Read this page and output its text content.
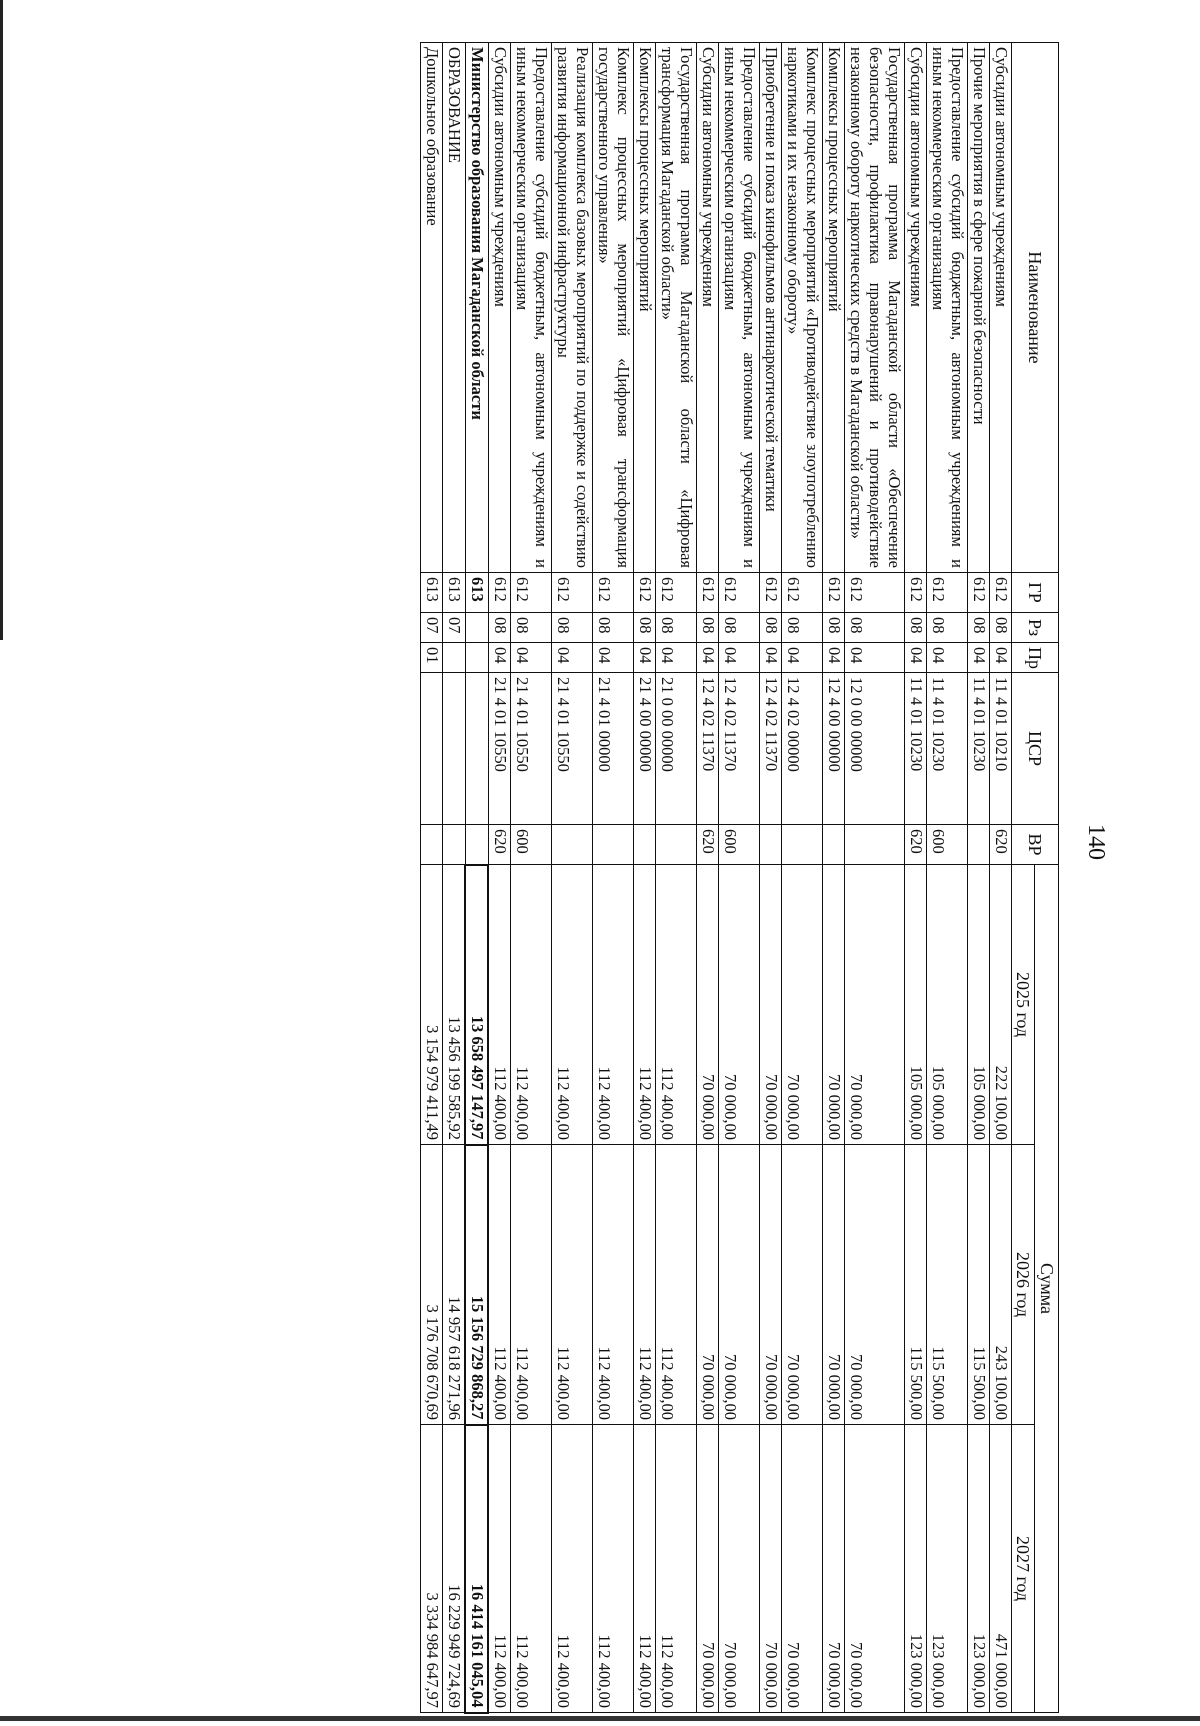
140
Наименование	ГР	Рз	Пр	ЦСР	ВР	Сумма		
						2025 год	2026 год	2027 год
Субсидии автономным учреждениям	612	08	04	11 4 01 10210	620	222 100,00	243 100,00	471 000,00
Прочие мероприятия в сфере пожарной безопасности	612	08	04	11 4 01 10230		105 000,00	115 500,00	123 000,00
Предоставление субсидий бюджетным, автономным учреждениям и иным некоммерческим организациям	612	08	04	11 4 01 10230	600	105 000,00	115 500,00	123 000,00
Субсидии автономным учреждениям	612	08	04	11 4 01 10230	620	105 000,00	115 500,00	123 000,00
Государственная программа Магаданской области «Обеспечение безопасности, профилактика правонарушений и противодействие незаконному обороту наркотических средств в Магаданской области»	612	08	04	12 0 00 00000		70 000,00	70 000,00	70 000,00
Комплексы процессных мероприятий	612	08	04	12 4 00 00000		70 000,00	70 000,00	70 000,00
Комплекс процессных мероприятий «Противодействие злоупотреблению наркотиками и их незаконному обороту»	612	08	04	12 4 02 00000		70 000,00	70 000,00	70 000,00
Приобретение и показ кинофильмов антинаркотической тематики	612	08	04	12 4 02 11370		70 000,00	70 000,00	70 000,00
Предоставление субсидий бюджетным, автономным учреждениям и иным некоммерческим организациям	612	08	04	12 4 02 11370	600	70 000,00	70 000,00	70 000,00
Субсидии автономным учреждениям	612	08	04	12 4 02 11370	620	70 000,00	70 000,00	70 000,00
Государственная программа Магаданской области «Цифровая трансформация Магаданской области»	612	08	04	21 0 00 00000		112 400,00	112 400,00	112 400,00
Комплексы процессных мероприятий	612	08	04	21 4 00 00000		112 400,00	112 400,00	112 400,00
Комплекс процессных мероприятий «Цифровая трансформация государственного управления»	612	08	04	21 4 01 00000		112 400,00	112 400,00	112 400,00
Реализация комплекса базовых мероприятий по поддержке и содействию развития информационной инфраструктуры	612	08	04	21 4 01 10550		112 400,00	112 400,00	112 400,00
Предоставление субсидий бюджетным, автономным учреждениям и иным некоммерческим организациям	612	08	04	21 4 01 10550	600	112 400,00	112 400,00	112 400,00
Субсидии автономным учреждениям	612	08	04	21 4 01 10550	620	112 400,00	112 400,00	112 400,00
Министерство образования Магаданской области	613					13 658 497 147,97	15 156 729 868,27	16 414 161 045,04
ОБРАЗОВАНИЕ	613	07				13 456 199 585,92	14 957 618 271,96	16 229 949 724,69
Дошкольное образование	613	07	01			3 154 979 411,49	3 176 708 670,69	3 334 984 647,97
